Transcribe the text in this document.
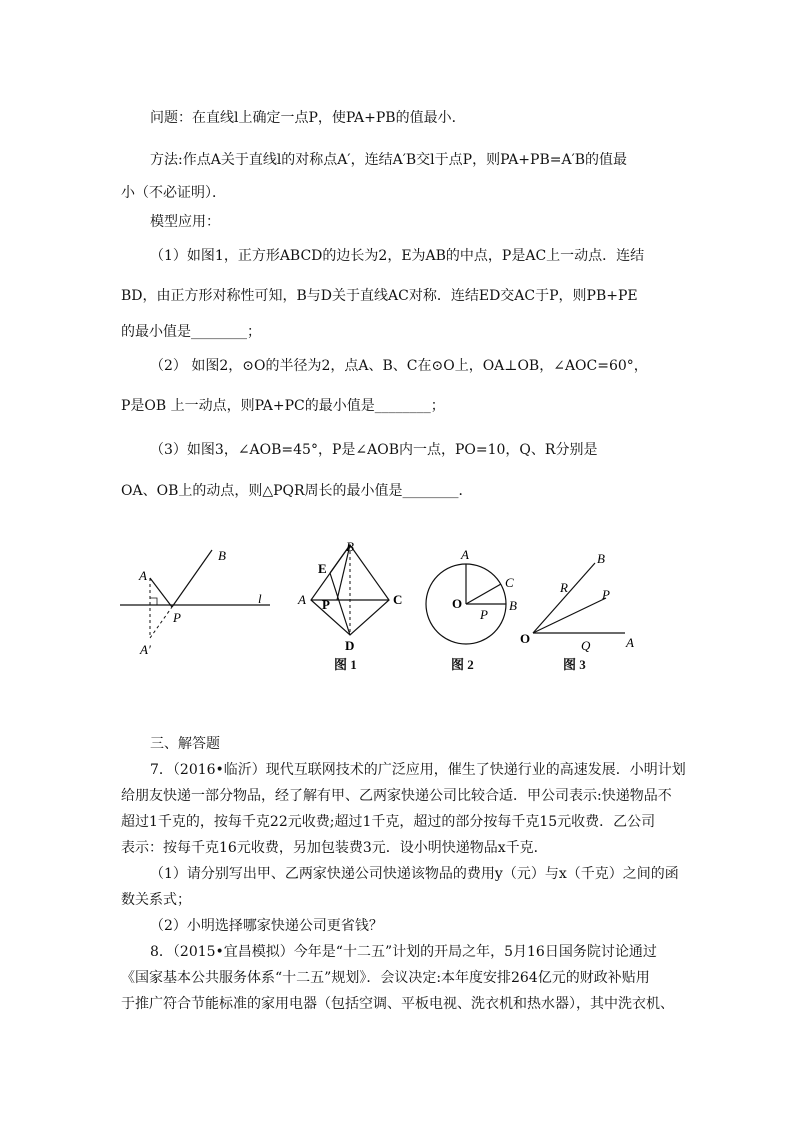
问题：在直线l上确定一点P，使PA+PB的值最小．
方法:作点A关于直线l的对称点A′，连结A′B交l于点P，则PA+PB=A′B的值最
小（不必证明）．
模型应用：
（1）如图1，正方形ABCD的边长为2，E为AB的中点，P是AC上一动点．连结
BD，由正方形对称性可知，B与D关于直线AC对称．连结ED交AC于P，则PB+PE
的最小值是________；
（2） 如图2，⊙O的半径为2，点A、B、C在⊙O上，OA⊥OB，∠AOC=60°，
P是OB 上一动点，则PA+PC的最小值是________；
（3）如图3，∠AOB=45°，P是∠AOB内一点，PO=10，Q、R分别是
OA、OB上的动点，则△PQR周长的最小值是________．
A
B
P
l
A′
B
E
A P	C
D
A
C
O
P
B
B
R	P
O	Q	A
图 1	图 2	图 3
三、解答题
7．（2016•临沂）现代互联网技术的广泛应用，催生了快递行业的高速发展．小明计划
给朋友快递一部分物品，经了解有甲、乙两家快递公司比较合适．甲公司表示:快递物品不
超过1千克的，按每千克22元收费;超过1千克，超过的部分按每千克15元收费．乙公司
表示：按每千克16元收费，另加包装费3元．设小明快递物品x千克．
（1）请分别写出甲、乙两家快递公司快递该物品的费用y（元）与x（千克）之间的函
数关系式；
（2）小明选择哪家快递公司更省钱？
8．（2015•宜昌模拟）今年是“十二五”计划的开局之年，5月16日国务院讨论通过
《国家基本公共服务体系“十二五”规划》．会议决定:本年度安排264亿元的财政补贴用
于推广符合节能标准的家用电器（包括空调、平板电视、洗衣机和热水器），其中洗衣机、
